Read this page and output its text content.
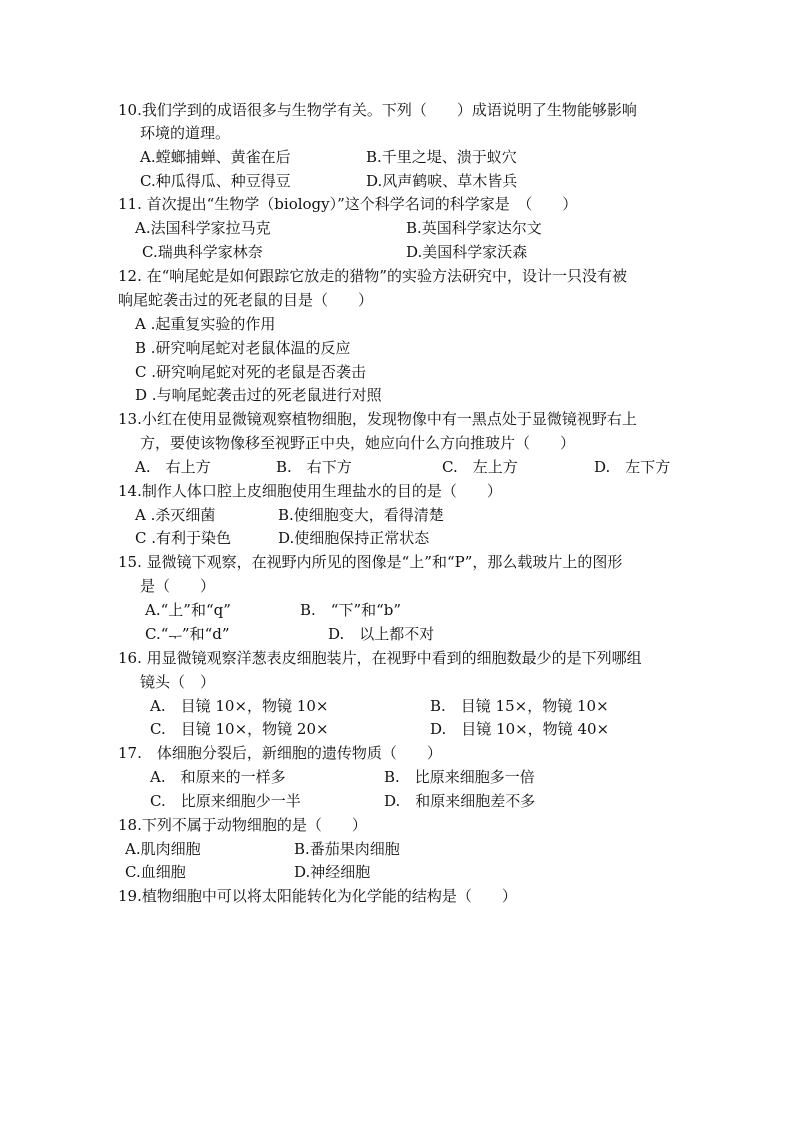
10.我们学到的成语很多与生物学有关。下列（　　）成语说明了生物能够影响
环境的道理。
A.螳螂捕蝉、黄雀在后	B.千里之堤、溃于蚁穴
C.种瓜得瓜、种豆得豆	D.风声鹤唳、草木皆兵
11. 首次提出“生物学（biology）”这个科学名词的科学家是　（　　）
A.法国科学家拉马克	B.英国科学家达尔文
C.瑞典科学家林奈	D.美国科学家沃森
12. 在“响尾蛇是如何跟踪它放走的猎物”的实验方法研究中，设计一只没有被
响尾蛇袭击过的死老鼠的目是（　　）
A .起重复实验的作用
B .研究响尾蛇对老鼠体温的反应
C .研究响尾蛇对死的老鼠是否袭击
D .与响尾蛇袭击过的死老鼠进行对照
13.小红在使用显微镜观察植物细胞，发现物像中有一黑点处于显微镜视野右上
方，要使该物像移至视野正中央，她应向什么方向推玻片（　　）
A.　右上方	B.　右下方	C.　左上方	D.　左下方
14.制作人体口腔上皮细胞使用生理盐水的目的是（　　）
A .杀灭细菌	B.使细胞变大，看得清楚
C .有利于染色	D.使细胞保持正常状态
15. 显微镜下观察，在视野内所见的图像是“上”和“P”，那么载玻片上的图形
是（　　）
A.“上”和“q”	B.　“下”和“b”
C.“ᅮ”和“d”	D.　以上都不对
16. 用显微镜观察洋葱表皮细胞装片，在视野中看到的细胞数最少的是下列哪组
镜头（　）
A.　目镜 10×，物镜 10×	B.　目镜 15×，物镜 10×
C.　目镜 10×，物镜 20×	D.　目镜 10×，物镜 40×
17.　体细胞分裂后，新细胞的遗传物质（　　）
A.　和原来的一样多	B.　比原来细胞多一倍
C.　比原来细胞少一半	D.　和原来细胞差不多
18.下列不属于动物细胞的是（　　）
A.肌肉细胞	B.番茄果肉细胞
C.血细胞	D.神经细胞
19.植物细胞中可以将太阳能转化为化学能的结构是（　　）
